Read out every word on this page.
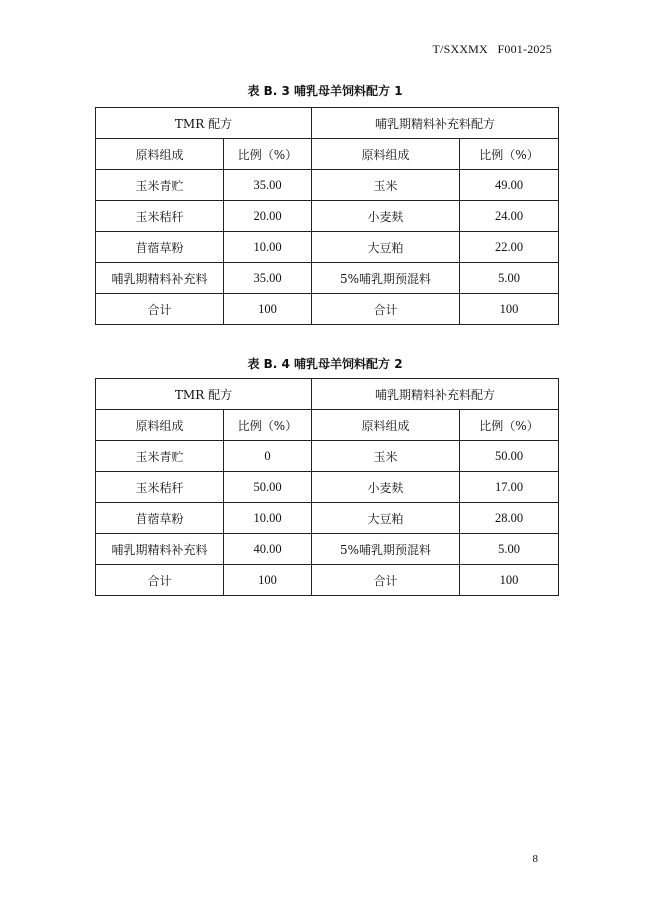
T/SXXMX   F001-2025
表 B. 3 哺乳母羊饲料配方 1
TMR 配方		哺乳期精料补充料配方	
原料组成	比例（%）	原料组成	比例（%）
玉米青贮	35.00	玉米	49.00
玉米秸秆	20.00	小麦麸	24.00
苜蓿草粉	10.00	大豆粕	22.00
哺乳期精料补充料	35.00	5%哺乳期预混料	5.00
合计	100	合计	100
表 B. 4 哺乳母羊饲料配方 2
TMR 配方		哺乳期精料补充料配方	
原料组成	比例（%）	原料组成	比例（%）
玉米青贮	0	玉米	50.00
玉米秸秆	50.00	小麦麸	17.00
苜蓿草粉	10.00	大豆粕	28.00
哺乳期精料补充料	40.00	5%哺乳期预混料	5.00
合计	100	合计	100
8
